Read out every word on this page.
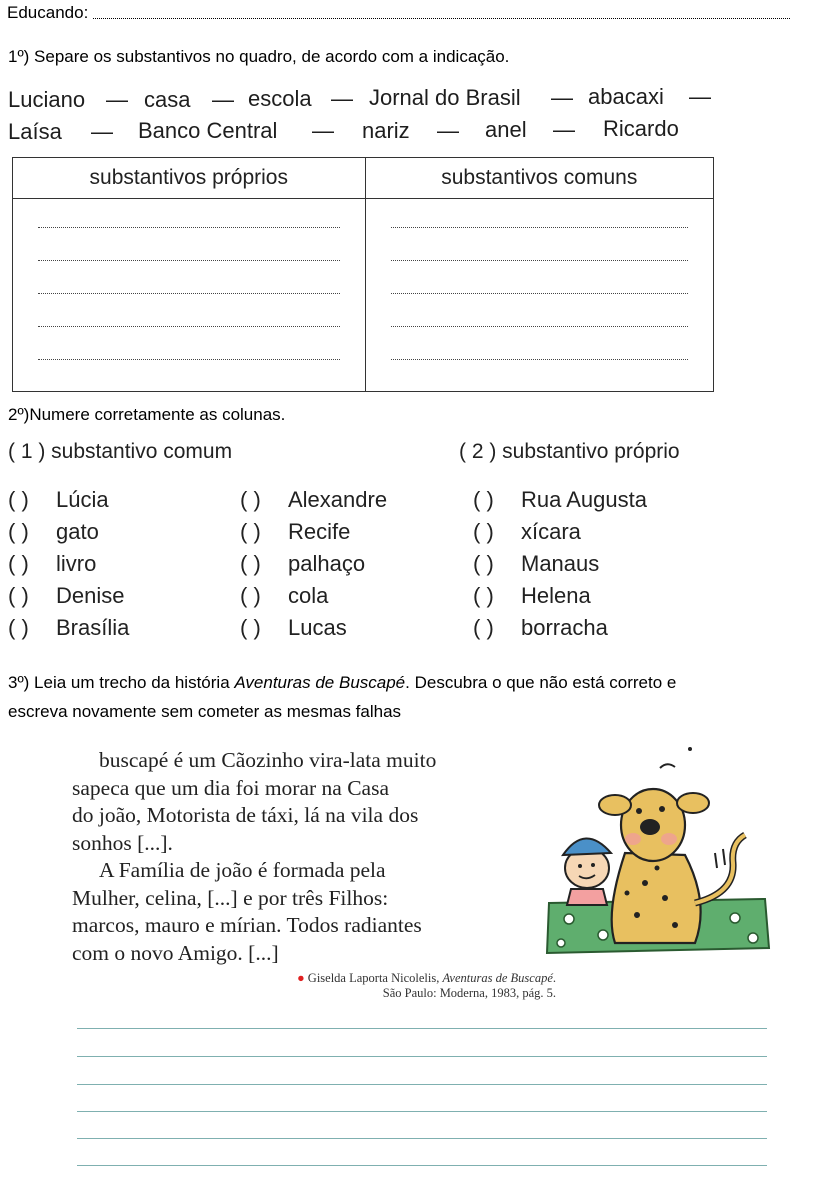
Educando:
1º) Separe os substantivos no quadro, de acordo com a indicação.
Luciano — casa — escola — Jornal do Brasil — abacaxi —
Laísa — Banco Central — nariz — anel — Ricardo
substantivos próprios	substantivos comuns

2º)Numere corretamente as colunas.
( 1 ) substantivo comum	( 2 ) substantivo próprio
( ) Lúcia
( ) gato
( ) livro
( ) Denise
( ) Brasília
( ) Alexandre
( ) Recife
( ) palhaço
( ) cola
( ) Lucas
( ) Rua Augusta
( ) xícara
( ) Manaus
( ) Helena
( ) borracha
3º) Leia um trecho da história Aventuras de Buscapé. Descubra o que não está correto e
escreva novamente sem cometer as mesmas falhas
buscapé é um Cãozinho vira-lata muito
sapeca que um dia foi morar na Casa
do joão, Motorista de táxi, lá na vila dos
sonhos [...].
A Família de joão é formada pela
Mulher, celina, [...] e por três Filhos:
marcos, mauro e mírian. Todos radiantes
com o novo Amigo. [...]
● Giselda Laporta Nicolelis, Aventuras de Buscapé.
São Paulo: Moderna, 1983, pág. 5.
